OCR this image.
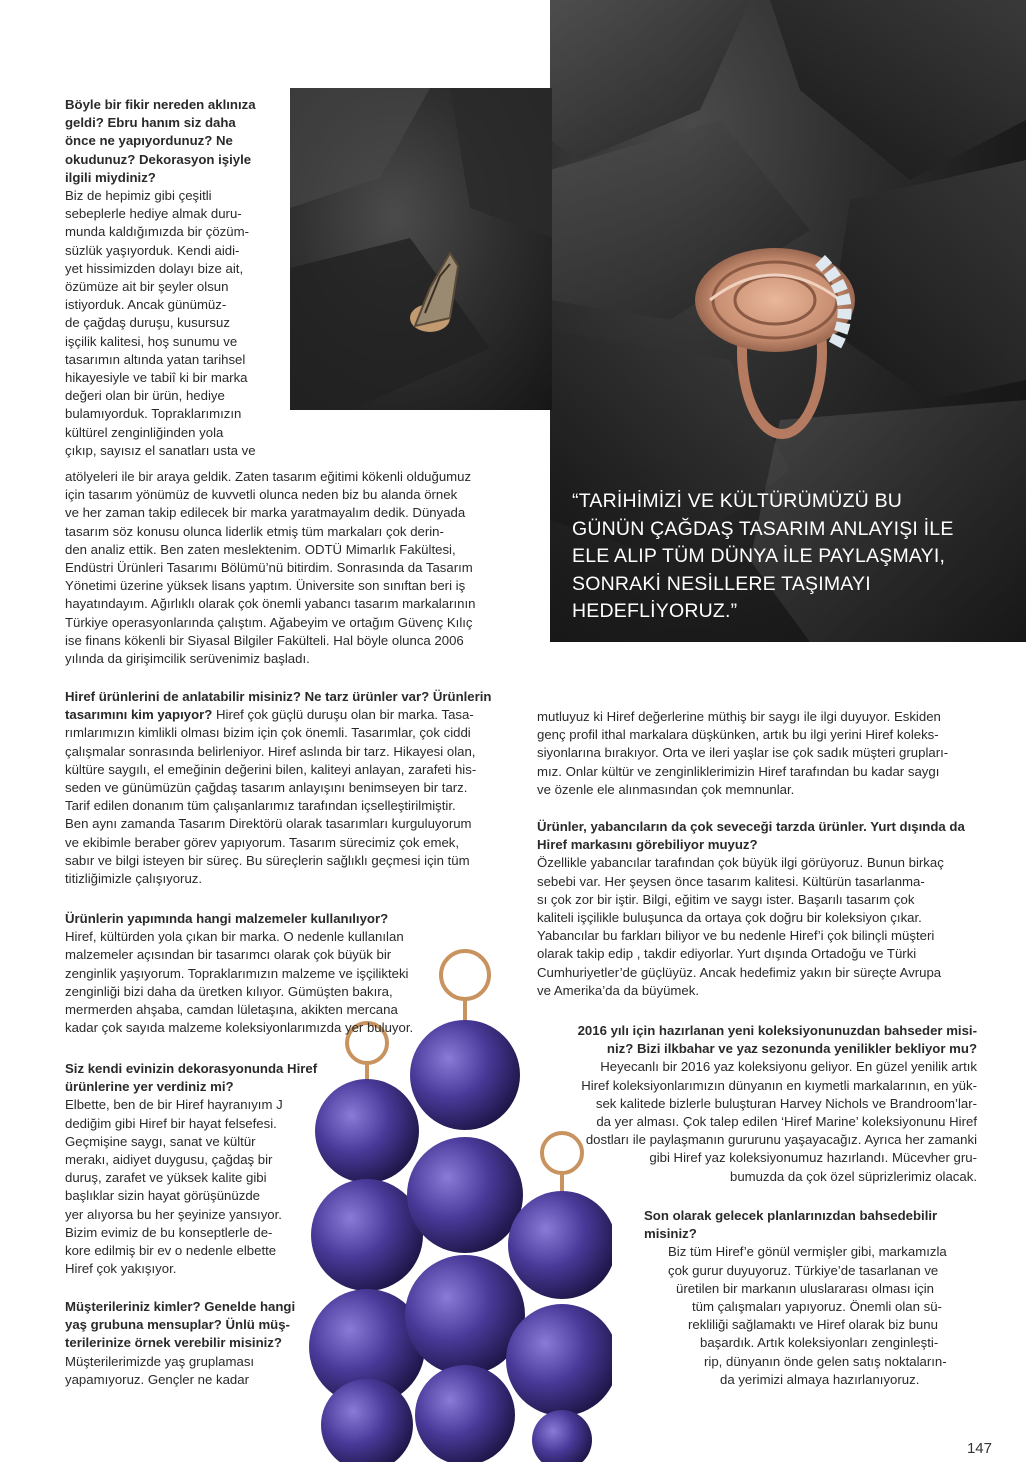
“TARİHİMİZİ VE KÜLTÜRÜMÜZÜ BU GÜNÜN ÇAĞDAŞ TASARIM ANLAYIŞI İLE ELE ALIP TÜM DÜNYA İLE PAYLAŞMAYI, SONRAKİ NESİLLERE TAŞIMAYI HEDEFLİYORUZ.”

Böyle bir fikir nereden aklınıza

geldi? Ebru hanım siz daha

önce ne yapıyordunuz? Ne

okudunuz? Dekorasyon işiyle

ilgili miydiniz?

Biz de hepimiz gibi çeşitli

sebeplerle hediye almak duru-

munda kaldığımızda bir çözüm-

süzlük yaşıyorduk. Kendi aidi-

yet hissimizden dolayı bize ait,

özümüze ait bir şeyler olsun

istiyorduk. Ancak günümüz-

de çağdaş duruşu, kusursuz

işçilik kalitesi, hoş sunumu ve

tasarımın altında yatan tarihsel

hikayesiyle ve tabiî ki bir marka

değeri olan bir ürün, hediye

bulamıyorduk. Topraklarımızın

kültürel zenginliğinden yola

çıkıp, sayısız el sanatları usta ve

atölyeleri ile bir araya geldik. Zaten tasarım eğitimi kökenli olduğumuz

için tasarım yönümüz de kuvvetli olunca neden biz bu alanda örnek

ve her zaman takip edilecek bir marka yaratmayalım dedik. Dünyada

tasarım söz konusu olunca liderlik etmiş tüm markaları çok derin-

den analiz ettik. Ben zaten meslektenim. ODTÜ Mimarlık Fakültesi,

Endüstri Ürünleri Tasarımı Bölümü’nü bitirdim. Sonrasında da Tasarım

Yönetimi üzerine yüksek lisans yaptım. Üniversite son sınıftan beri iş

hayatındayım. Ağırlıklı olarak çok önemli yabancı tasarım markalarının

Türkiye operasyonlarında çalıştım. Ağabeyim ve ortağım Güvenç Kılıç

ise finans kökenli bir Siyasal Bilgiler Fakülteli. Hal böyle olunca 2006

yılında da girişimcilik serüvenimiz başladı.

Hiref ürünlerini de anlatabilir misiniz? Ne tarz ürünler var? Ürünlerin

tasarımını kim yapıyor? Hiref çok güçlü duruşu olan bir marka. Tasa-

rımlarımızın kimlikli olması bizim için çok önemli. Tasarımlar, çok ciddi

çalışmalar sonrasında belirleniyor. Hiref aslında bir tarz. Hikayesi olan,

kültüre saygılı, el emeğinin değerini bilen, kaliteyi anlayan, zarafeti his-

seden ve günümüzün çağdaş tasarım anlayışını benimseyen bir tarz.

Tarif edilen donanım tüm çalışanlarımız tarafından içselleştirilmiştir.

Ben aynı zamanda Tasarım Direktörü olarak tasarımları kurguluyorum

ve ekibimle beraber görev yapıyorum. Tasarım sürecimiz çok emek,

sabır ve bilgi isteyen bir süreç. Bu süreçlerin sağlıklı geçmesi için tüm

titizliğimizle çalışıyoruz.

Ürünlerin yapımında hangi malzemeler kullanılıyor?

Hiref, kültürden yola çıkan bir marka. O nedenle kullanılan

malzemeler açısından bir tasarımcı olarak çok büyük bir

zenginlik yaşıyorum. Topraklarımızın malzeme ve işçilikteki

zenginliği bizi daha da üretken kılıyor. Gümüşten bakıra,

mermerden ahşaba, camdan lületaşına, akikten mercana

kadar çok sayıda malzeme koleksiyonlarımızda yer buluyor.

Siz kendi evinizin dekorasyonunda Hiref

ürünlerine yer verdiniz mi?

Elbette, ben de bir Hiref hayranıyım J

dediğim gibi Hiref bir hayat felsefesi.

Geçmişine saygı, sanat ve kültür

merakı, aidiyet duygusu, çağdaş bir

duruş, zarafet ve yüksek kalite gibi

başlıklar sizin hayat görüşünüzde

yer alıyorsa bu her şeyinize yansıyor.

Bizim evimiz de bu konseptlerle de-

kore edilmiş bir ev o nedenle elbette

Hiref çok yakışıyor.

Müşterileriniz kimler? Genelde hangi

yaş grubuna mensuplar? Ünlü müş-

terilerinize örnek verebilir misiniz?

Müşterilerimizde yaş gruplaması

yapamıyoruz. Gençler ne kadar

mutluyuz ki Hiref değerlerine müthiş bir saygı ile ilgi duyuyor. Eskiden

genç profil ithal markalara düşkünken, artık bu ilgi yerini Hiref koleks-

siyonlarına bırakıyor. Orta ve ileri yaşlar ise çok sadık müşteri grupları-

mız. Onlar kültür ve zenginliklerimizin Hiref tarafından bu kadar saygı

ve özenle ele alınmasından çok memnunlar.

Ürünler, yabancıların da çok seveceği tarzda ürünler. Yurt dışında da

Hiref markasını görebiliyor muyuz?

Özellikle yabancılar tarafından çok büyük ilgi görüyoruz. Bunun birkaç

sebebi var. Her şeysen önce tasarım kalitesi. Kültürün tasarlanma-

sı çok zor bir iştir. Bilgi, eğitim ve saygı ister. Başarılı tasarım çok

kaliteli işçilikle buluşunca da ortaya çok doğru bir koleksiyon çıkar.

Yabancılar bu farkları biliyor ve bu nedenle Hiref’i çok bilinçli müşteri

olarak takip edip , takdir ediyorlar. Yurt dışında Ortadoğu ve Türki

Cumhuriyetler’de güçlüyüz. Ancak hedefimiz yakın bir süreçte Avrupa

ve Amerika’da da büyümek.

2016 yılı için hazırlanan yeni koleksiyonunuzdan bahseder misi-

niz? Bizi ilkbahar ve yaz sezonunda yenilikler bekliyor mu?

Heyecanlı bir 2016 yaz koleksiyonu geliyor. En güzel yenilik artık

Hiref koleksiyonlarımızın dünyanın en kıymetli markalarının, en yük-

sek kalitede bizlerle buluşturan Harvey Nichols ve Brandroom’lar-

da yer alması. Çok talep edilen ‘Hiref Marine’ koleksiyonunu Hiref

dostları ile paylaşmanın gururunu yaşayacağız. Ayrıca her zamanki

gibi Hiref yaz koleksiyonumuz hazırlandı. Mücevher gru-

bumuzda da çok özel süprizlerimiz olacak.

Son olarak gelecek planlarınızdan bahsedebilir

misiniz?

Biz tüm Hiref’e gönül vermişler gibi, markamızla

çok gurur duyuyoruz. Türkiye’de tasarlanan ve

üretilen bir markanın uluslararası olması için

tüm çalışmaları yapıyoruz. Önemli olan sü-

rekliliği sağlamaktı ve Hiref olarak biz bunu

başardık. Artık koleksiyonları zenginleşti-

rip, dünyanın önde gelen satış noktaların-

da yerimizi almaya hazırlanıyoruz.

147
